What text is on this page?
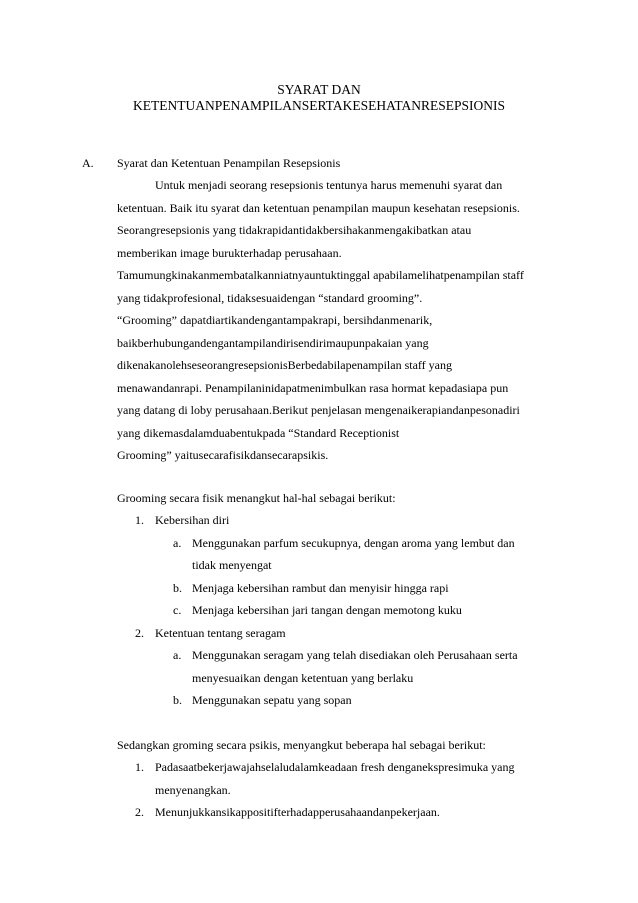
SYARAT DAN
KETENTUANPENAMPILANSERTAKESEHATANRESEPSIONIS
A. Syarat dan Ketentuan Penampilan Resepsionis
Untuk menjadi seorang resepsionis tentunya harus memenuhi syarat dan
ketentuan. Baik itu syarat dan ketentuan penampilan maupun kesehatan resepsionis.
Seorangresepsionis yang tidakrapidantidakbersihakanmengakibatkan atau
memberikan image burukterhadap perusahaan.
Tamumungkinakanmembatalkanniatnyauntuktinggal apabilamelihatpenampilan staff
yang tidakprofesional, tidaksesuaidengan “standard grooming”.
“Grooming” dapatdiartikandengantampakrapi, bersihdanmenarik,
baikberhubungandengantampilandirisendirimaupunpakaian yang
dikenakanolehseseorangresepsionisBerbedabilapenampilan staff yang
menawandanrapi. Penampilaninidapatmenimbulkan rasa hormat kepadasiapa pun
yang datang di loby perusahaan.Berikut penjelasan mengenaikerapiandanpesonadiri
yang dikemasdalamduabentukpada “Standard Receptionist
Grooming” yaitusecarafisikdansecarapsikis.
Grooming secara fisik menangkut hal-hal sebagai berikut:
1. Kebersihan diri
a. Menggunakan parfum secukupnya, dengan aroma yang lembut dan
tidak menyengat
b. Menjaga kebersihan rambut dan menyisir hingga rapi
c. Menjaga kebersihan jari tangan dengan memotong kuku
2. Ketentuan tentang seragam
a. Menggunakan seragam yang telah disediakan oleh Perusahaan serta
menyesuaikan dengan ketentuan yang berlaku
b. Menggunakan sepatu yang sopan
Sedangkan groming secara psikis, menyangkut beberapa hal sebagai berikut:
1. Padasaatbekerjawajahselaludalamkeadaan fresh denganekspresimuka yang
menyenangkan.
2. Menunjukkansikappositifterhadapperusahaandanpekerjaan.
